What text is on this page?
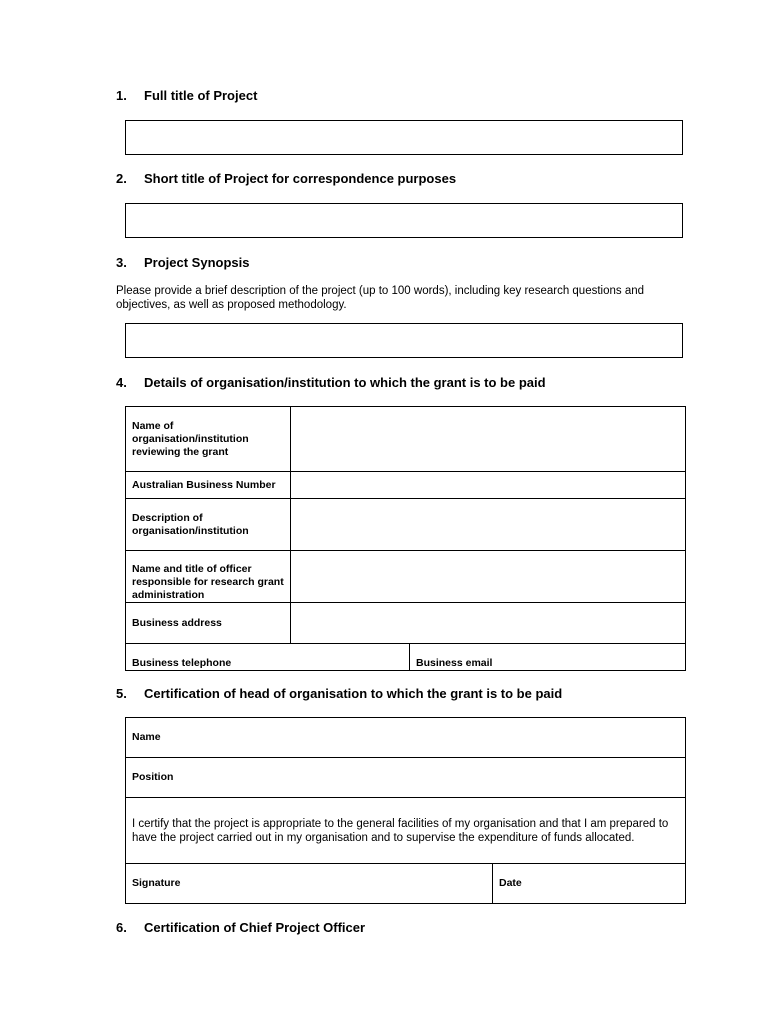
1. Full title of Project
2. Short title of Project for correspondence purposes
3. Project Synopsis
Please provide a brief description of the project (up to 100 words), including key research questions and objectives, as well as proposed methodology.
4. Details of organisation/institution to which the grant is to be paid
Name of organisation/institution reviewing the grant		
Australian Business Number		
Description of organisation/institution		
Name and title of officer responsible for research grant administration		
Business address		
Business telephone		Business email
5. Certification of head of organisation to which the grant is to be paid
Name
Position
I certify that the project is appropriate to the general facilities of my organisation and that I am prepared to have the project carried out in my organisation and to supervise the expenditure of funds allocated.
Signature	Date
6. Certification of Chief Project Officer
